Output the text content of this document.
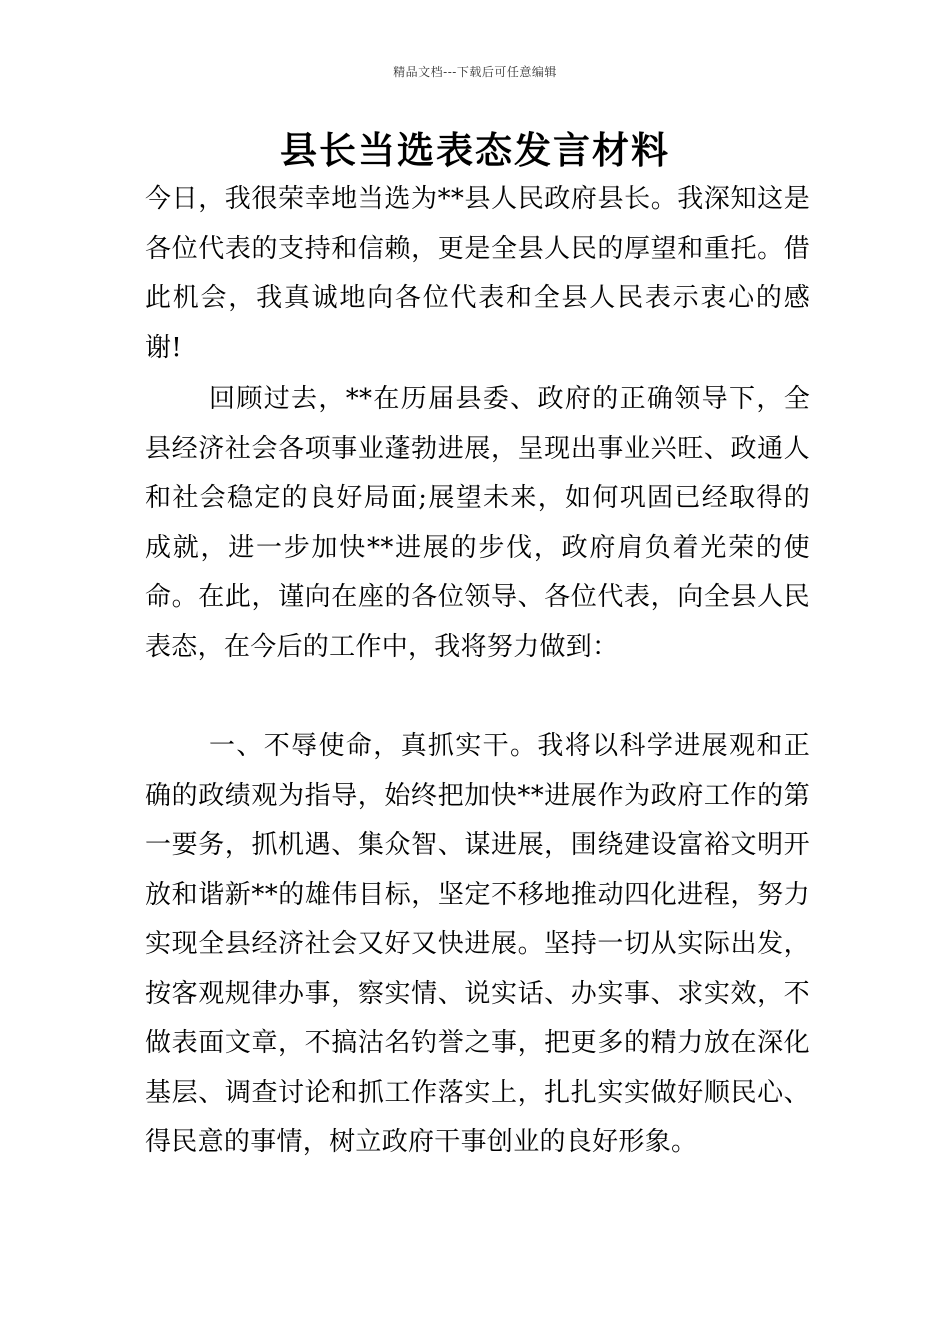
精品文档---下载后可任意编辑
县长当选表态发言材料

今日，我很荣幸地当选为**县人民政府县长。我深知这是各位代表的支持和信赖，更是全县人民的厚望和重托。借此机会，我真诚地向各位代表和全县人民表示衷心的感谢!

回顾过去，**在历届县委、政府的正确领导下，全县经济社会各项事业蓬勃进展，呈现出事业兴旺、政通人和社会稳定的良好局面;展望未来，如何巩固已经取得的成就，进一步加快**进展的步伐，政府肩负着光荣的使命。在此，谨向在座的各位领导、各位代表，向全县人民表态，在今后的工作中，我将努力做到：

一、不辱使命，真抓实干。我将以科学进展观和正确的政绩观为指导，始终把加快**进展作为政府工作的第一要务，抓机遇、集众智、谋进展，围绕建设富裕文明开放和谐新**的雄伟目标，坚定不移地推动四化进程，努力实现全县经济社会又好又快进展。坚持一切从实际出发，按客观规律办事，察实情、说实话、办实事、求实效，不做表面文章，不搞沽名钓誉之事，把更多的精力放在深化基层、调查讨论和抓工作落实上，扎扎实实做好顺民心、得民意的事情，树立政府干事创业的良好形象。
